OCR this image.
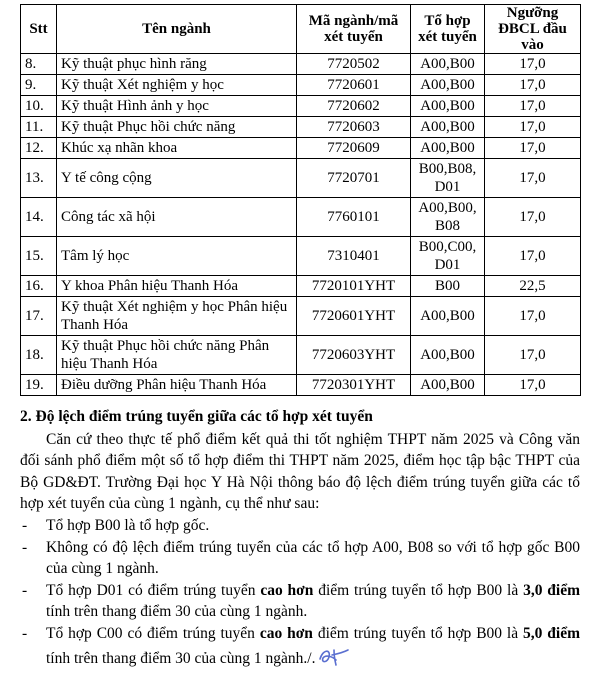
Stt	Tên ngành	Mã ngành/mã xét tuyển	Tổ hợp xét tuyển	Ngưỡng ĐBCL đầu vào
8.	Kỹ thuật phục hình răng	7720502	A00,B00	17,0
9.	Kỹ thuật Xét nghiệm y học	7720601	A00,B00	17,0
10.	Kỹ thuật Hình ảnh y học	7720602	A00,B00	17,0
11.	Kỹ thuật Phục hồi chức năng	7720603	A00,B00	17,0
12.	Khúc xạ nhãn khoa	7720609	A00,B00	17,0
13.	Y tế công cộng	7720701	B00,B08, D01	17,0
14.	Công tác xã hội	7760101	A00,B00, B08	17,0
15.	Tâm lý học	7310401	B00,C00, D01	17,0
16.	Y khoa Phân hiệu Thanh Hóa	7720101YHT	B00	22,5
17.	Kỹ thuật Xét nghiệm y học Phân hiệu Thanh Hóa	7720601YHT	A00,B00	17,0
18.	Kỹ thuật Phục hồi chức năng Phân hiệu Thanh Hóa	7720603YHT	A00,B00	17,0
19.	Điều dưỡng Phân hiệu Thanh Hóa	7720301YHT	A00,B00	17,0

2. Độ lệch điểm trúng tuyển giữa các tổ hợp xét tuyển

Căn cứ theo thực tế phổ điểm kết quả thi tốt nghiệm THPT năm 2025 và Công văn đối sánh phổ điểm một số tổ hợp điểm thi THPT năm 2025, điểm học tập bậc THPT của Bộ GD&ĐT. Trường Đại học Y Hà Nội thông báo độ lệch điểm trúng tuyển giữa các tổ hợp xét tuyển của cùng 1 ngành, cụ thể như sau:

- Tổ hợp B00 là tổ hợp gốc.
- Không có độ lệch điểm trúng tuyển của các tổ hợp A00, B08 so với tổ hợp gốc B00 của cùng 1 ngành.
- Tổ hợp D01 có điểm trúng tuyển cao hơn điểm trúng tuyển tổ hợp B00 là 3,0 điểm tính trên thang điểm 30 của cùng 1 ngành.
- Tổ hợp C00 có điểm trúng tuyển cao hơn điểm trúng tuyển tổ hợp B00 là 5,0 điểm tính trên thang điểm 30 của cùng 1 ngành./.
